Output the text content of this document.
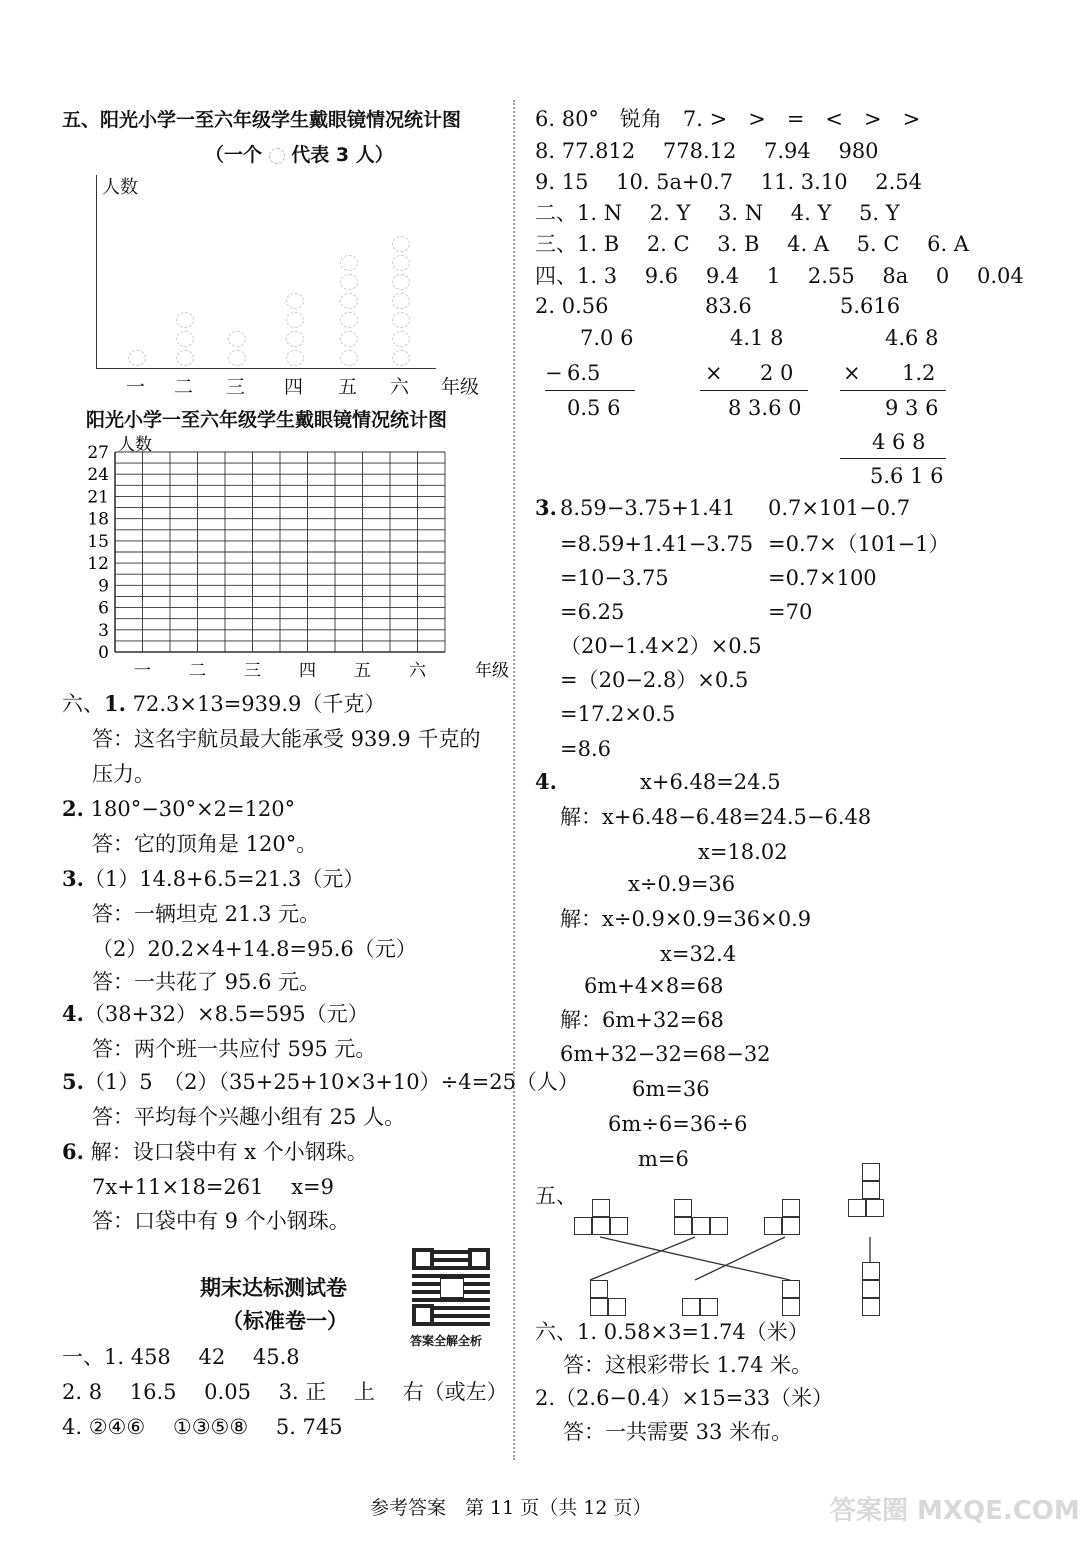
五、阳光小学一至六年级学生戴眼镜情况统计图
（一个 代表 3 人）
人数
一 二 三 四 五 六 年级
阳光小学一至六年级学生戴眼镜情况统计图
0
3
6
9
12
15
18
21
24
27 人数
一 二 三 四 五 六	年级
六、1. 72.3×13=939.9（千克）
答：这名宇航员最大能承受 939.9 千克的
压力。
2. 180°−30°×2=120°
答：它的顶角是 120°。
3.（1）14.8+6.5=21.3（元）
答：一辆坦克 21.3 元。
（2）20.2×4+14.8=95.6（元）
答：一共花了 95.6 元。
4.（38+32）×8.5=595（元）
答：两个班一共应付 595 元。
5.（1）5　（2）（35+25+10×3+10）÷4=25（人）
答：平均每个兴趣小组有 25 人。
6. 解：设口袋中有 x 个小钢珠。
7x+11×18=261　 x=9
答：口袋中有 9 个小钢珠。
期末达标测试卷
（标准卷一）
答案全解全析
一、1. 458　 42　 45.8
2. 8　 16.5　 0.05　 3. 正　 上　 右（或左）
4. ②④⑥　 ①③⑤⑧　 5. 745
6. 80°　锐角　7. >　>　=　<　>　>
8. 77.812　 778.12　 7.94　 980
9. 15　 10. 5a+0.7　 11. 3.10　 2.54
二、1. N　 2. Y　 3. N　 4. Y　 5. Y
三、1. B　 2. C　 3. B　 4. A　 5. C　 6. A
四、1. 3　 9.6　 9.4　 1　 2.55　 8a　 0　 0.04
2. 0.56	83.6	5.616
7.0 6
− 6.5
0.5 6
4.1 8
× 2 0
8 3.6 0
4.6 8
× 1.2
9 3 6
4 6 8
5.6 1 6
3. 8.59−3.75+1.41
=8.59+1.41−3.75
=10−3.75
=6.25
0.7×101−0.7
=0.7×（101−1）
=0.7×100
=70
（20−1.4×2）×0.5
=（20−2.8）×0.5
=17.2×0.5
=8.6
4.	x+6.48=24.5
解：x+6.48−6.48=24.5−6.48
x=18.02
x÷0.9=36
解：x÷0.9×0.9=36×0.9
x=32.4
6m+4×8=68
解：6m+32=68
6m+32−32=68−32
6m=36
6m÷6=36÷6
m=6
五、
六、1. 0.58×3=1.74（米）
答：这根彩带长 1.74 米。
2.（2.6−0.4）×15=33（米）
答：一共需要 33 米布。
参考答案　第 11 页（共 12 页）	答案圈 MXQE.COM
